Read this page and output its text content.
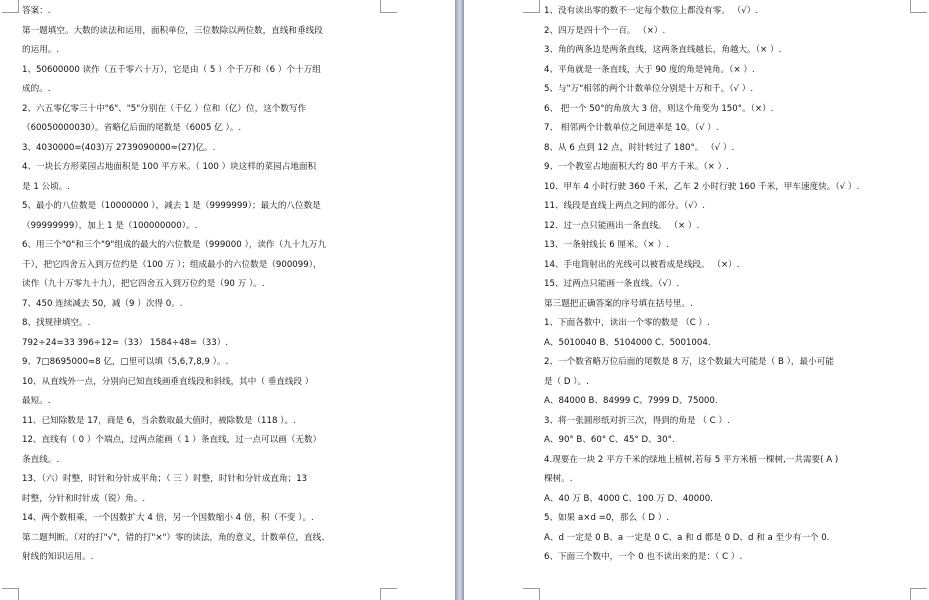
答案：.
第一题填空。大数的读法和运用，面积单位，三位数除以两位数，直线和垂线段
的运用。.
1、50600000 读作（五千零六十万），它是由（ 5 ）个千万和（6 ）个十万组
成的。.
2、六五零亿零三十中"6"、"5"分别在（千亿 ）位和（亿）位，这个数写作
（60050000030）。省略亿后面的尾数是（6005 亿 ）。.
3、4030000=(403)万 2739090000≈(27)亿。.
4、一块长方形菜园占地面积是 100 平方米。（ 100 ）块这样的菜园占地面积
是 1 公顷。.
5、最小的八位数是（10000000 ），减去 1 是（9999999）；最大的八位数是
（99999999），加上 1 是（100000000）。.
6、用三个"0"和三个"9"组成的最大的六位数是（999000 ），读作（九十九万九
千），把它四舍五入到万位约是（100 万 ）；组成最小的六位数是（900099），
读作（九十万零九十九），把它四舍五入到万位约是（90 万 ）。.
7、450 连续减去 50，减（9 ）次得 0。.
8、找规律填空。.
792÷24=33 396÷12=（33） 1584÷48=（33）.
9、7□8695000≈8 亿，□里可以填（5,6,7,8,9 ）。.
10、从直线外一点，分别向已知直线画垂直线段和斜线，其中（ 垂直线段 ）
最短。.
11、已知除数是 17，商是 6，当余数取最大值时，被除数是（118 ）。.
12、直线有（ 0 ）个端点，过两点能画（ 1 ）条直线，过一点可以画（无数）
条直线。.
13、（六）时整，时针和分针成平角；（ 三 ）时整，时针和分针成直角；13
时整，分针和时针成（锐）角。.
14、两个数相乘，一个因数扩大 4 倍，另一个因数缩小 4 倍，积（不变 ）。.
第二题判断。（对的打"√"，错的打"×"）零的读法，角的意义，计数单位，直线、
射线的知识运用。.
1、没有读出零的数不一定每个数位上都没有零。 （√）.
2、四万是四十个一百。 （×）.
3、角的两条边是两条直线，这两条直线越长，角越大。（× ）.
4、平角就是一条直线，大于 90 度的角是钝角。（× ）.
5、与"万"相邻的两个计数单位分别是十万和千。（√ ）.
6、 把一个 50°的角放大 3 倍，则这个角变为 150°。（×）.
7、 相邻两个计数单位之间进率是 10。（√ ）.
8、从 6 点到 12 点，时针转过了 180°。 （√ ）.
9、一个教室占地面积大约 80 平方千米。（× ）.
10、甲车 4 小时行驶 360 千米，乙车 2 小时行驶 160 千米，甲车速度快。（√ ）.
11、线段是直线上两点之间的部分。（√）.
12、过一点只能画出一条直线。 （× ）.
13、一条射线长 6 厘米。（× ）.
14、手电筒射出的光线可以被看成是线段。 （×）.
15、过两点只能画一条直线。（√）.
第三题把正确答案的序号填在括号里。.
1、下面各数中，读出一个零的数是 （C ）.
A、5010040 B、5104000 C、5001004.
2、一个数省略万位后面的尾数是 8 万，这个数最大可能是（ B ），最小可能
是（ D ）。.
A、84000 B、84999 C、7999 D、75000.
3、将一张圆形纸对折三次，得到的角是 （ C ）.
A、90° B、60° C、45° D、30°.
4.现要在一块 2 平方千米的绿地上植树,若每 5 平方米植一棵树,一共需要( A )
棵树。.
A、40 万 B、4000 C、100 万 D、40000.
5、如果 a×d =0，那么（ D ）.
A、d 一定是 0 B、a 一定是 0 C、a 和 d 都是 0 D、d 和 a 至少有一个 0.
6、下面三个数中，一个 0 也不读出来的是：（ C ）.
